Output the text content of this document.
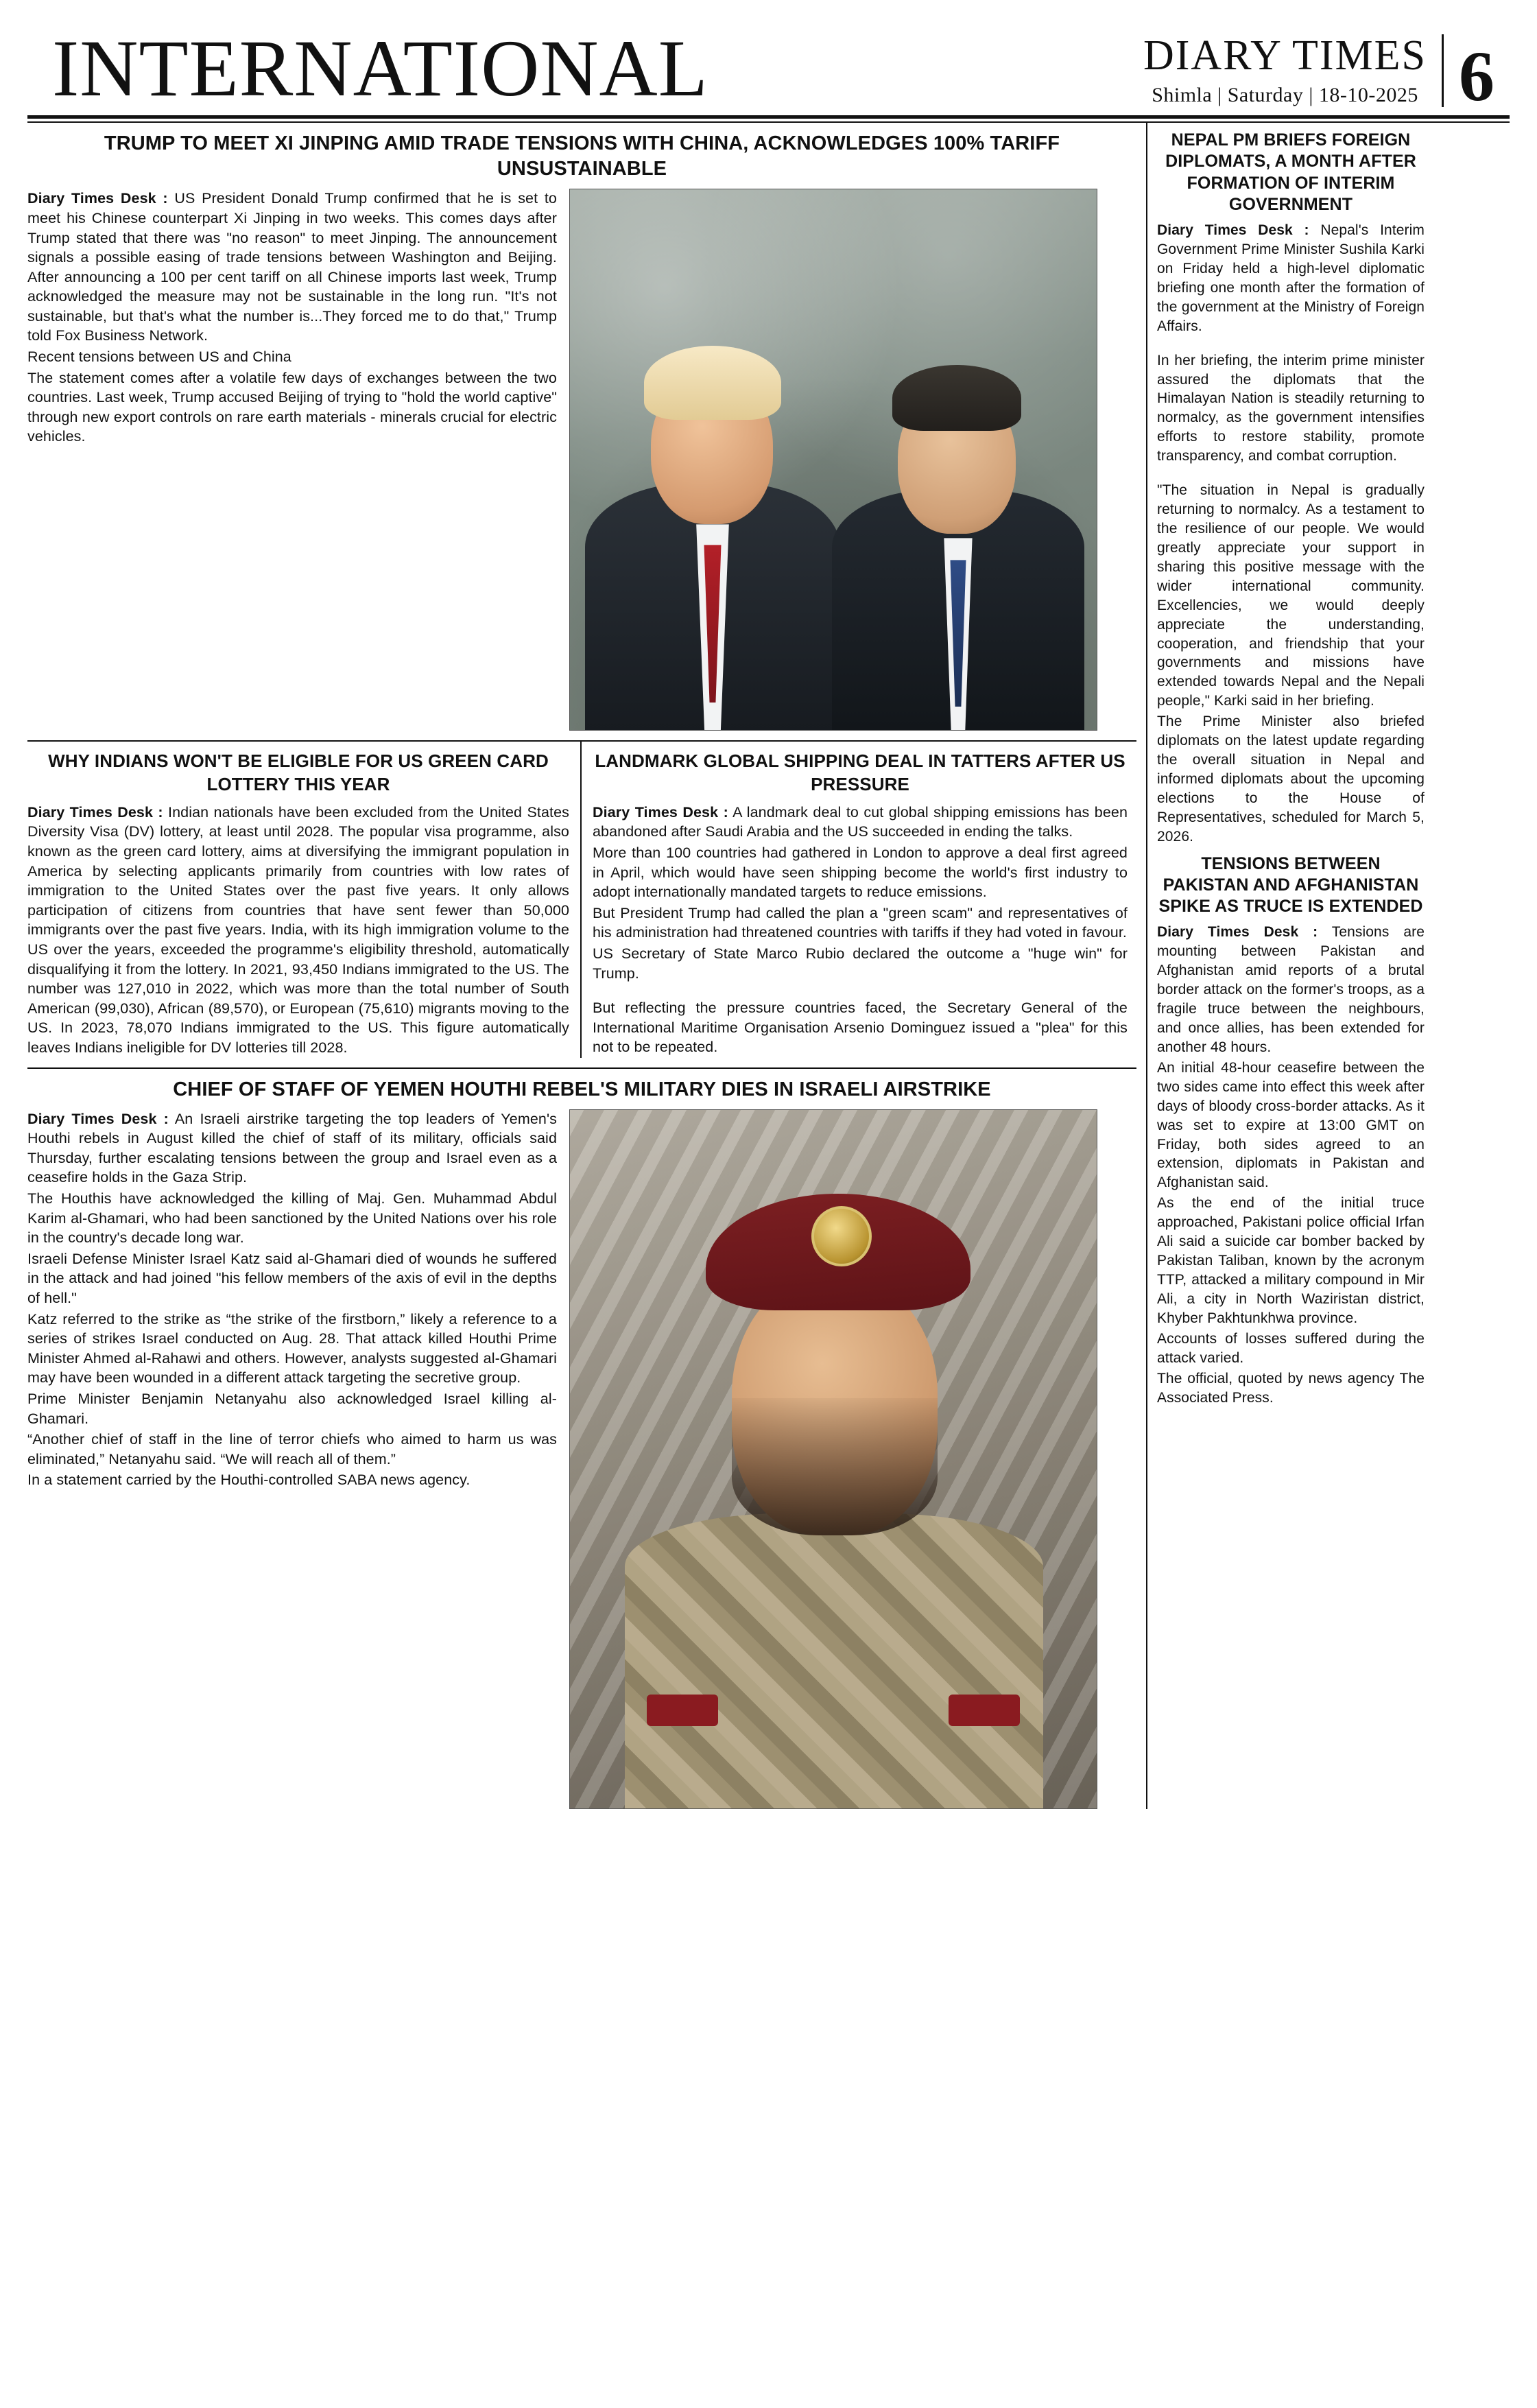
INTERNATIONAL	DIARY TIMES
Shimla | Saturday | 18-10-2025 6
TRUMP TO MEET XI JINPING AMID TRADE TENSIONS WITH CHINA, ACKNOWLEDGES 100% TARIFF UNSUSTAINABLE

Diary Times Desk : US President Donald Trump confirmed that he is set to meet his Chinese counterpart Xi Jinping in two weeks. This comes days after Trump stated that there was "no reason" to meet Jinping. The announcement signals a possible easing of trade tensions between Washington and Beijing. After announcing a 100 per cent tariff on all Chinese imports last week, Trump acknowledged the measure may not be sustainable in the long run. "It's not sustainable, but that's what the number is...They forced me to do that," Trump told Fox Business Network.

Recent tensions between US and China

The statement comes after a volatile few days of exchanges between the two countries. Last week, Trump accused Beijing of trying to "hold the world captive" through new export controls on rare earth materials - minerals crucial for electric vehicles.

WHY INDIANS WON'T BE ELIGIBLE FOR US GREEN CARD LOTTERY THIS YEAR

Diary Times Desk : Indian nationals have been excluded from the United States Diversity Visa (DV) lottery, at least until 2028. The popular visa programme, also known as the green card lottery, aims at diversifying the immigrant population in America by selecting applicants primarily from countries with low rates of immigration to the United States over the past five years. It only allows participation of citizens from countries that have sent fewer than 50,000 immigrants over the past five years. India, with its high immigration volume to the US over the years, exceeded the programme's eligibility threshold, automatically disqualifying it from the lottery. In 2021, 93,450 Indians immigrated to the US. The number was 127,010 in 2022, which was more than the total number of South American (99,030), African (89,570), or European (75,610) migrants moving to the US. In 2023, 78,070 Indians immigrated to the US. This figure automatically leaves Indians ineligible for DV lotteries till 2028.

LANDMARK GLOBAL SHIPPING DEAL IN TATTERS AFTER US PRESSURE

Diary Times Desk : A landmark deal to cut global shipping emissions has been abandoned after Saudi Arabia and the US succeeded in ending the talks.

More than 100 countries had gathered in London to approve a deal first agreed in April, which would have seen shipping become the world's first industry to adopt internationally mandated targets to reduce emissions.

But President Trump had called the plan a "green scam" and representatives of his administration had threatened countries with tariffs if they had voted in favour.

US Secretary of State Marco Rubio declared the outcome a "huge win" for Trump.

But reflecting the pressure countries faced, the Secretary General of the International Maritime Organisation Arsenio Dominguez issued a "plea" for this not to be repeated.

CHIEF OF STAFF OF YEMEN HOUTHI REBEL'S MILITARY DIES IN ISRAELI AIRSTRIKE

Diary Times Desk : An Israeli airstrike targeting the top leaders of Yemen's Houthi rebels in August killed the chief of staff of its military, officials said Thursday, further escalating tensions between the group and Israel even as a ceasefire holds in the Gaza Strip.

The Houthis have acknowledged the killing of Maj. Gen. Muhammad Abdul Karim al-Ghamari, who had been sanctioned by the United Nations over his role in the country's decade long war.

Israeli Defense Minister Israel Katz said al-Ghamari died of wounds he suffered in the attack and had joined "his fellow members of the axis of evil in the depths of hell."

Katz referred to the strike as “the strike of the firstborn,” likely a reference to a series of strikes Israel conducted on Aug. 28. That attack killed Houthi Prime Minister Ahmed al-Rahawi and others. However, analysts suggested al-Ghamari may have been wounded in a different attack targeting the secretive group.

Prime Minister Benjamin Netanyahu also acknowledged Israel killing al-Ghamari.

“Another chief of staff in the line of terror chiefs who aimed to harm us was eliminated,” Netanyahu said. “We will reach all of them.”

In a statement carried by the Houthi-controlled SABA news agency.

NEPAL PM BRIEFS FOREIGN DIPLOMATS, A MONTH AFTER FORMATION OF INTERIM GOVERNMENT

Diary Times Desk : Nepal's Interim Government Prime Minister Sushila Karki on Friday held a high-level diplomatic briefing one month after the formation of the government at the Ministry of Foreign Affairs.

In her briefing, the interim prime minister assured the diplomats that the Himalayan Nation is steadily returning to normalcy, as the government intensifies efforts to restore stability, promote transparency, and combat corruption.

"The situation in Nepal is gradually returning to normalcy. As a testament to the resilience of our people. We would greatly appreciate your support in sharing this positive message with the wider international community. Excellencies, we would deeply appreciate the understanding, cooperation, and friendship that your governments and missions have extended towards Nepal and the Nepali people," Karki said in her briefing.

The Prime Minister also briefed diplomats on the latest update regarding the overall situation in Nepal and informed diplomats about the upcoming elections to the House of Representatives, scheduled for March 5, 2026.

TENSIONS BETWEEN PAKISTAN AND AFGHANISTAN SPIKE AS TRUCE IS EXTENDED

Diary Times Desk : Tensions are mounting between Pakistan and Afghanistan amid reports of a brutal border attack on the former's troops, as a fragile truce between the neighbours, and once allies, has been extended for another 48 hours.

An initial 48-hour ceasefire between the two sides came into effect this week after days of bloody cross-border attacks. As it was set to expire at 13:00 GMT on Friday, both sides agreed to an extension, diplomats in Pakistan and Afghanistan said.

As the end of the initial truce approached, Pakistani police official Irfan Ali said a suicide car bomber backed by Pakistan Taliban, known by the acronym TTP, attacked a military compound in Mir Ali, a city in North Waziristan district, Khyber Pakhtunkhwa province.

Accounts of losses suffered during the attack varied.

The official, quoted by news agency The Associated Press.
